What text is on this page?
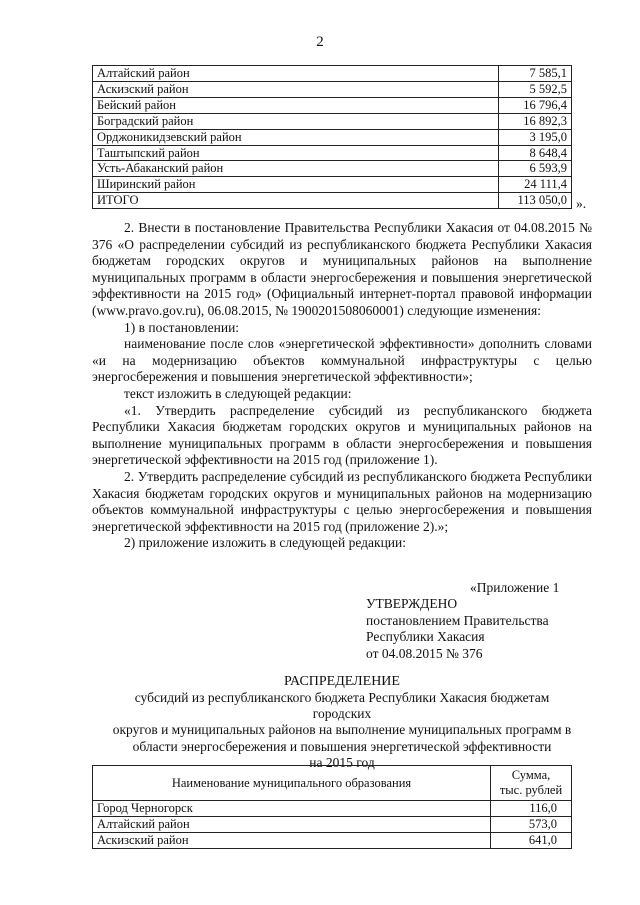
2
Алтайский район	7 585,1
Аскизский район	5 592,5
Бейский район	16 796,4
Боградский район	16 892,3
Орджоникидзевский район	3 195,0
Таштыпский район	8 648,4
Усть-Абаканский район	6 593,9
Ширинский район	24 111,4
ИТОГО	113 050,0 ».

2. Внести в постановление Правительства Республики Хакасия от 04.08.2015 № 376 «О распределении субсидий из республиканского бюджета Республики Хакасия бюджетам городских округов и муниципальных районов на выполнение муниципальных программ в области энергосбережения и повышения энергетической эффективности на 2015 год» (Официальный интернет-портал правовой информации (www.pravo.gov.ru), 06.08.2015, № 1900201508060001) следующие изменения:

1) в постановлении:

наименование после слов «энергетической эффективности» дополнить словами «и на модернизацию объектов коммунальной инфраструктуры с целью энергосбережения и повышения энергетической эффективности»;

текст изложить в следующей редакции:

«1. Утвердить распределение субсидий из республиканского бюджета Республики Хакасия бюджетам городских округов и муниципальных районов на выполнение муниципальных программ в области энергосбережения и повышения энергетической эффективности на 2015 год (приложение 1).

2. Утвердить распределение субсидий из республиканского бюджета Республики Хакасия бюджетам городских округов и муниципальных районов на модернизацию объектов коммунальной инфраструктуры с целью энергосбережения и повышения энергетической эффективности на 2015 год (приложение 2).»;

2) приложение изложить в следующей редакции:

«Приложение 1
УТВЕРЖДЕНО
постановлением Правительства
Республики Хакасия
от 04.08.2015 № 376
РАСПРЕДЕЛЕНИЕ
субсидий из республиканского бюджета Республики Хакасия бюджетам городских
округов и муниципальных районов на выполнение муниципальных программ в
области энергосбережения и повышения энергетической эффективности
на 2015 год
Наименование муниципального образования	Сумма,
тыс. рублей

Город Черногорск	116,0
Алтайский район	573,0
Аскизский район	641,0
